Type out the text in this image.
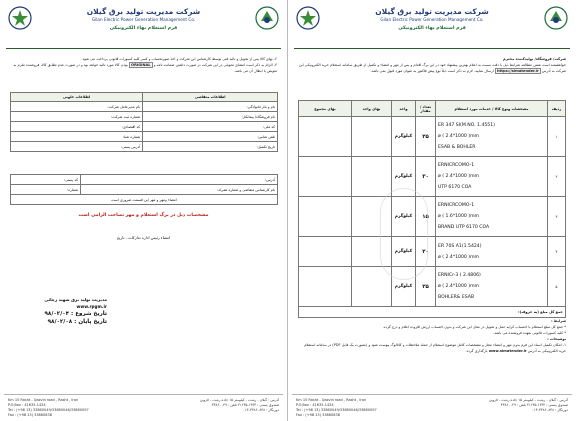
شرکت مدیریت تولید برق گیلان
Gilan Electric Power Generation Management Co.
فرم استعلام بهاء الکترونیکی
۲- بهای کالا پس از تحویل و تائید فنی توسط کارشناس این شرکت و اخذ صورتحساب و کسر کلیه کسورات قانونی پرداخت می شود.
۳- الزام به ذکر است امضای تحویلی در این شرکت در صورت داشتن ضمانت نامه و ORIGINAL بودن کالا مورد تائید خواهد بود و در صورت عدم تطابق کالا، فروشنده ملزم به تعویض یا ابطال آن می باشد.
اطلاعات متقاضی	اطلاعات خلوتی
نام و نام خانوادگی:	نام مدیرعامل شرکت:
نام فروشگاه/ پیمانکار:	شماره ثبت شرکت:
کد ملی:	کد اقتصادی:
تلفن تماس:	شماره شبا:
تاریخ تکمیل:	آدرس پستی:
آدرس:	کد پستی:
نام کارشناس متقاضی و شماره همراه:	شماره:
امضاء ومهر و مهر این قسمت ضروری است	
مشخصات ذیل در برگ استعلام و مهر تصاحب الزامی است
امضاء رئیس اداره تدارکات - تاریخ
مدیریت تولید برق شهید رجائی
www.rpgm.ir
تاریخ شروع : ۹۸/۰۲/۰۴
تاریخ پایان : ۹۸/۰۲/۰۸
Km 15 Rasht - Qazvin road , Rasht , Iran
P.O.Box : 41635-1434
Tel : (+98 13) 33860049/33860046/33860097
Fax : (+98 13) 33860838
آدرس : گیلان - رشت - کیلومتر ۱۵ جاده رشت - قزوین
صندوق پستی : ۱۴۳۴-۴۱۶۳۵ تلفن : ۳۳۸۶۰۰۴۹
دورنگار : ۳۳۸۶۰۸۳۸-۰۱۳
شرکت مدیریت تولید برق گیلان
Gilan Electric Power Generation Management Co.
فرم استعلام بهاء الکترونیکی
شرکت/ فروشگاه/ تولیدکننده محترم
خواهشمند است ضمن مطالعه شرایط ذیل با دقت نسبت به اعلام بهترین پیشنهاد خود در این برگ اقدام و پس از مهر و امضاء و تکمیل از طریق سامانه استعلام خرید الکترونیکی این شرکت به آدرس https://simatender.ir ارسال نمایید. لازم به ذکر است ذیلاً نوع پیش فاکتور به عنوان مورد قبول نمی باشد.
ردیف	مشخصات ونوع کالا / خدمات مورد استعلام	تعداد / مقدار	واحد	بهای واحد	بهای مجموع
۱	ER 347 SI(M.NO. 1.4551)
ø ( 2.4*1000 )mm
ESAB & BOHLER	۲۵	کیلوگرم		
۲	ERNICRCOMO-1
ø ( 2.4*1000 )mm
UTP 6170 COA	۳۰	کیلوگرم		
۳	ERNICRCOMO-1
ø ( 1.6*1000 )mm
BRAND UTP 6170 COA	۱۵	کیلوگرم		
۴	ER 70S A1(1.5424)
ø ( 2.4*1000 )mm	۲۰	کیلوگرم		
۵	ERNICr-3 ( 2.4806)
ø ( 2.4*1000 )mm
BOHLER& ESAB	۲۵	کیلوگرم		
جمع کل مبلغ (به حروف):					
شرایط :
* جمع کل مبلغ استعلام با احتساب کرایه حمل و تحویل در محل این شرکت و بدون احتساب ارزش افزوده اعلام و درج گردد.
* کلیه کسورات قانونی بعهده فروشنده می باشد.
توضیحات :
۱- امکان تکمیل اسناد این فرم بدون مهر و امضاء مجاز و مشخصات کامل موضوع استعلام از جمله ملاحظات و کاتالوگ پیوست شود و (بصورت یک فایل PDF) در سامانه استعلام خرید الکترونیکی به آدرس www.simatender.ir بارگذاری گردد.
Km 15 Rasht - Qazvin road , Rasht , Iran
P.O.Box : 41635-1434
Tel : (+98 13) 33860049/33860046/33860097
Fax : (+98 13) 33860838
آدرس : گیلان - رشت - کیلومتر ۱۵ جاده رشت - قزوین
صندوق پستی : ۱۴۳۴-۴۱۶۳۵ تلفن : ۳۳۸۶۰۰۴۹
دورنگار : ۳۳۸۶۰۸۳۸-۰۱۳
